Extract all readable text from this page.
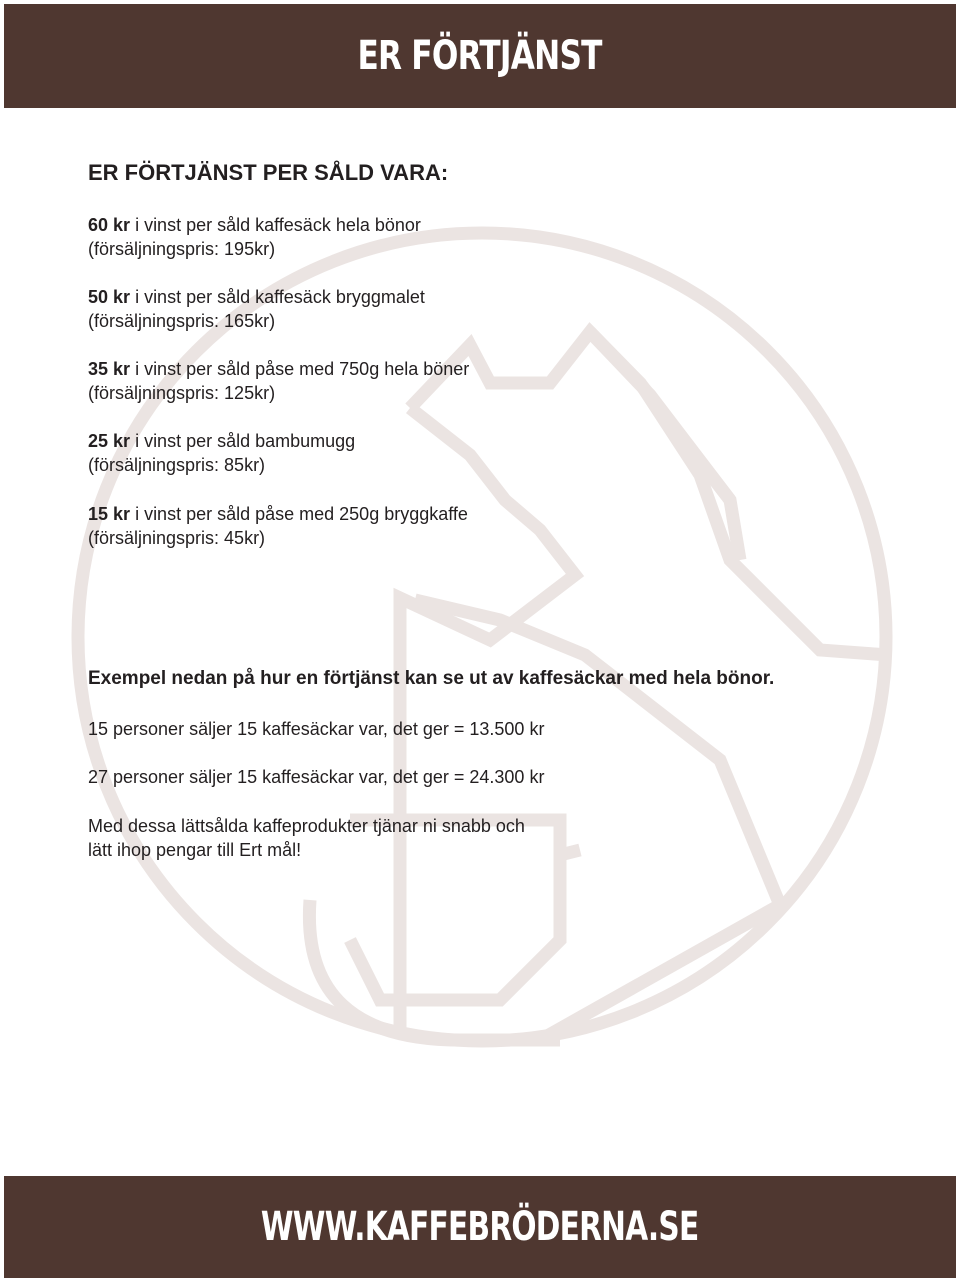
ER FÖRTJÄNST
ER FÖRTJÄNST PER SÅLD VARA:
60 kr i vinst per såld kaffesäck hela bönor
(försäljningspris: 195kr)
50 kr i vinst per såld kaffesäck bryggmalet
(försäljningspris: 165kr)
35 kr i vinst per såld påse med 750g hela böner
(försäljningspris: 125kr)
25 kr i vinst per såld bambumugg
(försäljningspris: 85kr)
15 kr i vinst per såld påse med 250g bryggkaffe
(försäljningspris: 45kr)
Exempel nedan på hur en förtjänst kan se ut av kaffesäckar med hela bönor.
15 personer säljer 15 kaffesäckar var, det ger = 13.500 kr
27 personer säljer 15 kaffesäckar var, det ger = 24.300 kr
Med dessa lättsålda kaffeprodukter tjänar ni snabb och
lätt ihop pengar till Ert mål!
WWW.KAFFEBRÖDERNA.SE
